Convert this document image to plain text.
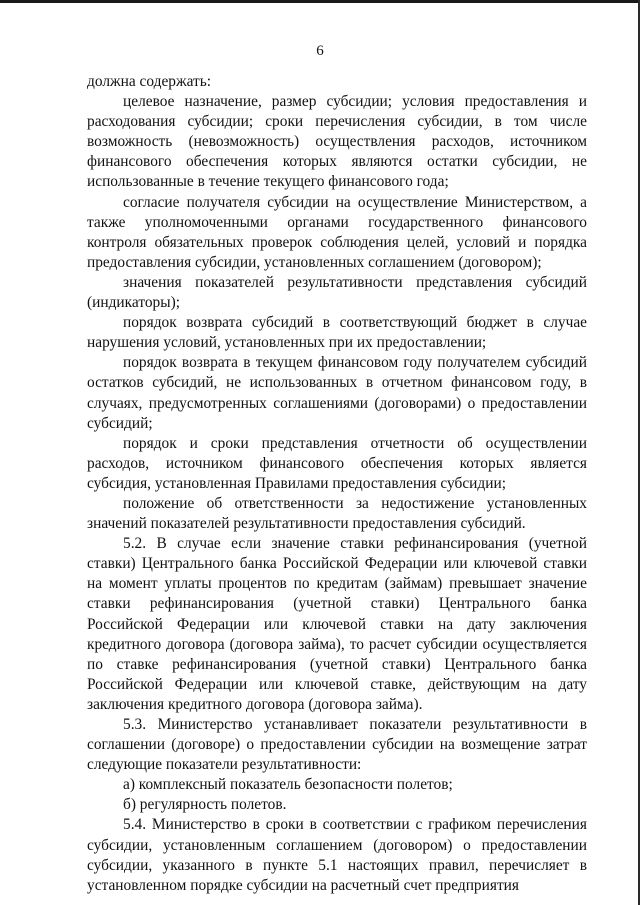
6

должна содержать:

целевое назначение, размер субсидии; условия предоставления и расходования субсидии; сроки перечисления субсидии, в том числе возможность (невозможность) осуществления расходов, источником финансового обеспечения которых являются остатки субсидии, не использованные в течение текущего финансового года;

согласие получателя субсидии на осуществление Министерством, а также уполномоченными органами государственного финансового контроля обязательных проверок соблюдения целей, условий и порядка предоставления субсидии, установленных соглашением (договором);

значения показателей результативности представления субсидий (индикаторы);

порядок возврата субсидий в соответствующий бюджет в случае нарушения условий, установленных при их предоставлении;

порядок возврата в текущем финансовом году получателем субсидий остатков субсидий, не использованных в отчетном финансовом году, в случаях, предусмотренных соглашениями (договорами) о предоставлении субсидий;

порядок и сроки представления отчетности об осуществлении расходов, источником финансового обеспечения которых является субсидия, установленная Правилами предоставления субсидии;

положение об ответственности за недостижение установленных значений показателей результативности предоставления субсидий.

5.2. В случае если значение ставки рефинансирования (учетной ставки) Центрального банка Российской Федерации или ключевой ставки на момент уплаты процентов по кредитам (займам) превышает значение ставки рефинансирования (учетной ставки) Центрального банка Российской Федерации или ключевой ставки на дату заключения кредитного договора (договора займа), то расчет субсидии осуществляется по ставке рефинансирования (учетной ставки) Центрального банка Российской Федерации или ключевой ставке, действующим на дату заключения кредитного договора (договора займа).

5.3. Министерство устанавливает показатели результативности в соглашении (договоре) о предоставлении субсидии на возмещение затрат следующие показатели результативности:

а) комплексный показатель безопасности полетов;

б) регулярность полетов.

5.4. Министерство в сроки в соответствии с графиком перечисления субсидии, установленным соглашением (договором) о предоставлении субсидии, указанного в пункте 5.1 настоящих правил, перечисляет в установленном порядке субсидии на расчетный счет предприятия
